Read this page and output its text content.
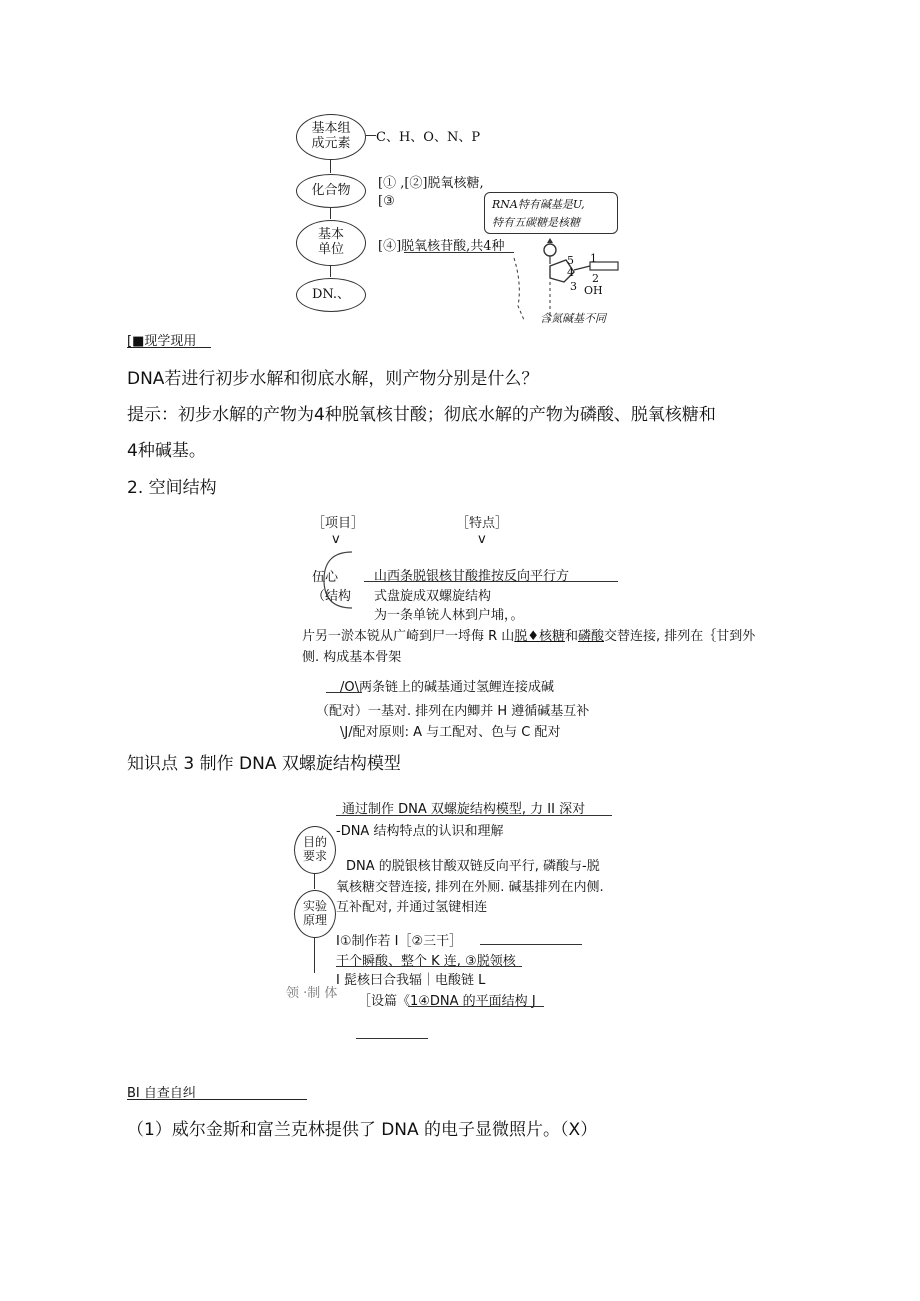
基本组
成元素
化合物
基本
单位
DN.、
C、H、O、N、P
[① ,[②]脱氧核糖,
[③
[④]脱氧核苷酸,共4种
RNA特有碱基是U,
特有五碳糖是核糖
5
4
3
2
1
OH
含氮碱基不同
[■现学现用
DNA若进行初步水解和彻底水解，则产物分别是什么？
提示：初步水解的产物为4种脱氧核甘酸；彻底水解的产物为磷酸、脱氧核糖和
4种碱基。
2. 空间结构
［项目］	［特点］
v	v
伍心
（结构
山西条脱银核甘酸推按反向平行方
式盘旋成双螺旋结构
为一条单铳人林到户埔，。
片另一淤本锐从广崎到尸一埒侮 R 山脱♦核糖和磷酸交替连接, 排列在｛甘到外
侧. 构成基本骨架
/O\两条链上的碱基通过氢鲤连接成碱
（配对）一基对. 排列在内鲫并 H 遵循碱基互补
\J/配对原则: A 与工配对、色与 C 配对
知识点 3 制作 DNA 双螺旋结构模型
目的
要求
实验
原理
领 ·制 体
通过制作 DNA 双螺旋结构模型, 力 II 深对
-DNA 结构特点的认识和理解
DNA 的脱银核甘酸双链反向平行, 磷酸与-脱
氧核糖交替连接, 排列在外厕. 碱基排列在内侧.
互补配对, 并通过氢键相连
I①制作若 I［②三干］
干个瞬酸、整个 K 连, ③脱领核
I 髭核曰合我辐｜电酸链 L
［设篇《1④DNA 的平面结构 J
BI 自查自纠
（1）威尔金斯和富兰克林提供了 DNA 的电子显微照片。（X）
